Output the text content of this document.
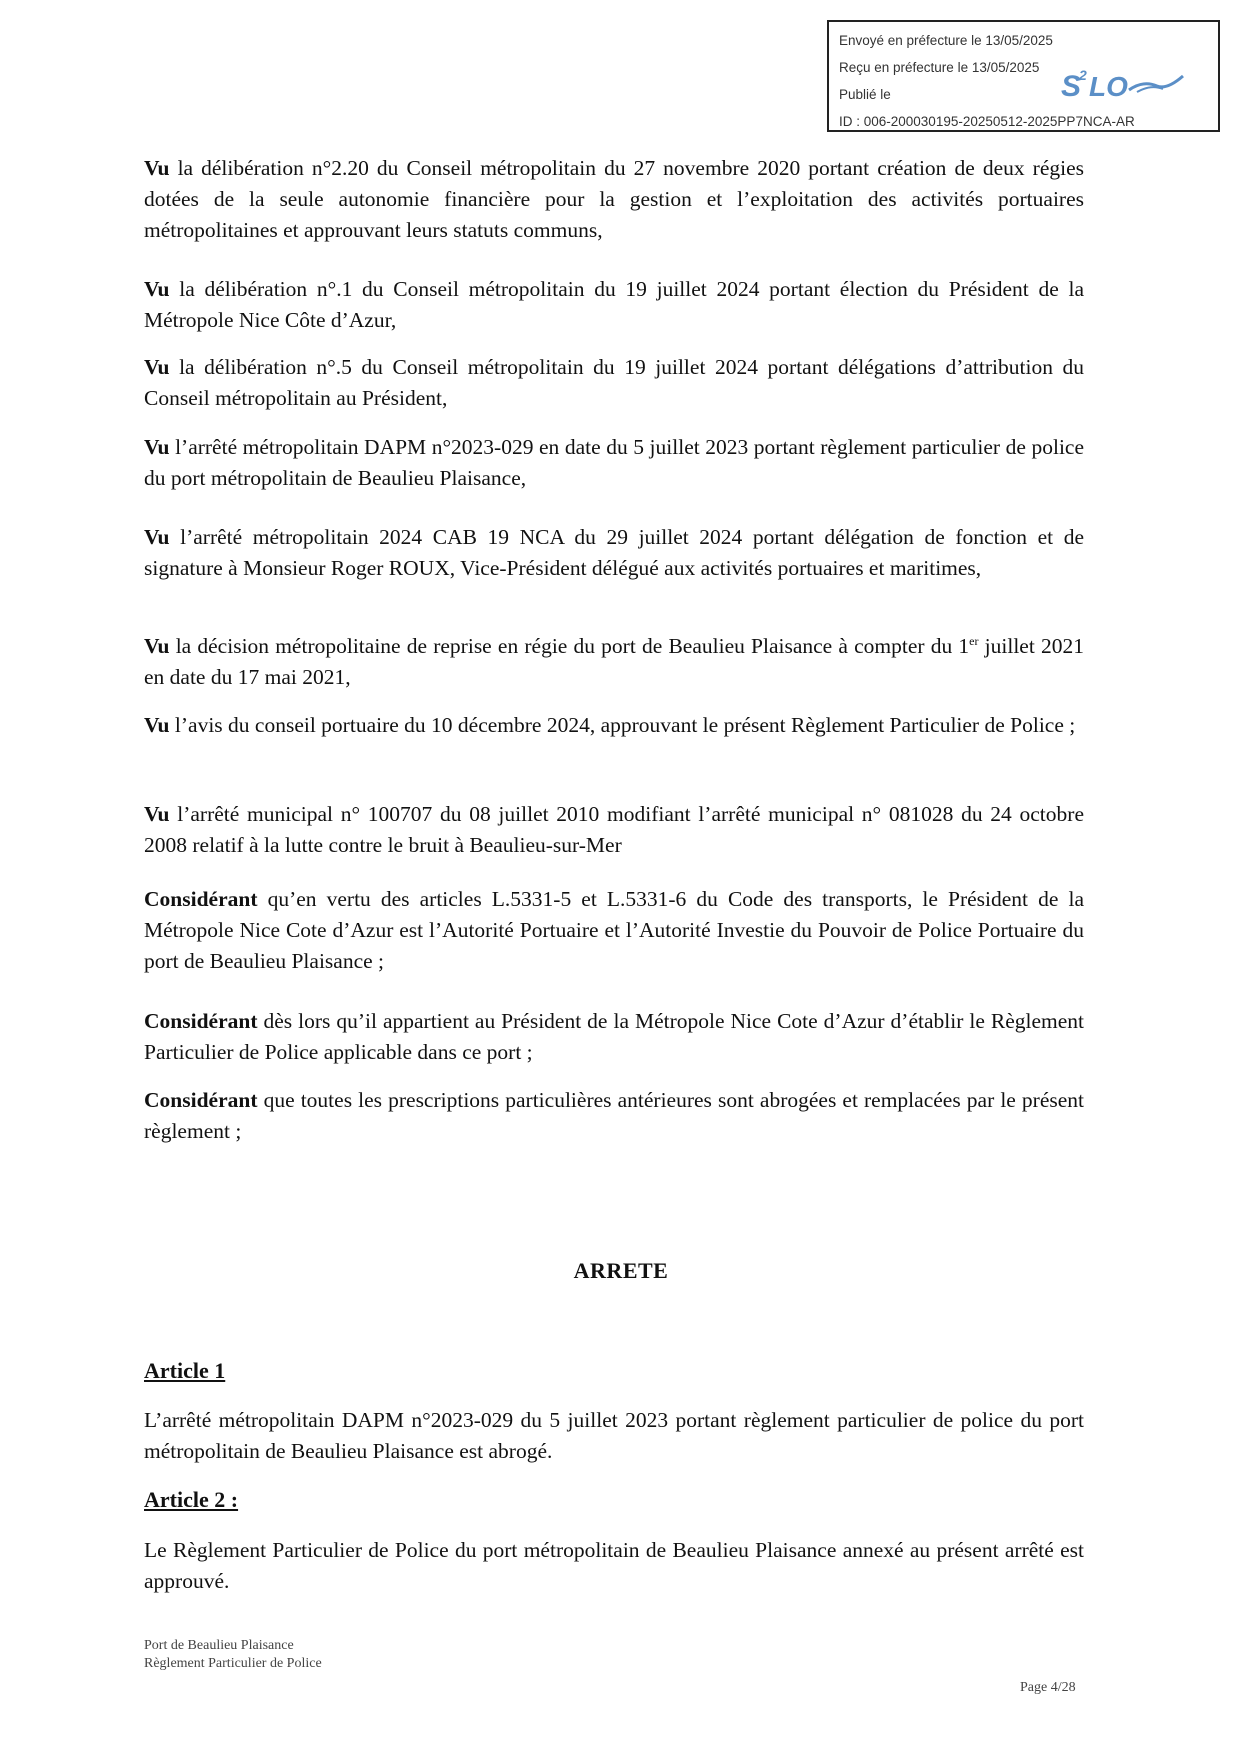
Envoyé en préfecture le 13/05/2025
Reçu en préfecture le 13/05/2025
Publié le
ID : 006-200030195-20250512-2025PP7NCA-AR
S
2 LO

Vu la délibération n°2.20 du Conseil métropolitain du 27 novembre 2020 portant création de deux régies dotées de la seule autonomie financière pour la gestion et l’exploitation des activités portuaires métropolitaines et approuvant leurs statuts communs,

Vu la délibération n°.1 du Conseil métropolitain du 19 juillet 2024 portant élection du Président de la Métropole Nice Côte d’Azur,

Vu la délibération n°.5 du Conseil métropolitain du 19 juillet 2024 portant délégations d’attribution du Conseil métropolitain au Président,

Vu l’arrêté métropolitain DAPM n°2023-029 en date du 5 juillet 2023 portant règlement particulier de police du port métropolitain de Beaulieu Plaisance,

Vu l’arrêté métropolitain 2024 CAB 19 NCA du 29 juillet 2024 portant délégation de fonction et de signature à Monsieur Roger ROUX, Vice-Président délégué aux activités portuaires et maritimes,

Vu la décision métropolitaine de reprise en régie du port de Beaulieu Plaisance à compter du 1er juillet 2021 en date du 17 mai 2021,

Vu l’avis du conseil portuaire du 10 décembre 2024, approuvant le présent Règlement Particulier de Police ;

Vu l’arrêté municipal n° 100707 du 08 juillet 2010 modifiant l’arrêté municipal n° 081028 du 24 octobre 2008 relatif à la lutte contre le bruit à Beaulieu-sur-Mer

Considérant qu’en vertu des articles L.5331-5 et L.5331-6 du Code des transports, le Président de la Métropole Nice Cote d’Azur est l’Autorité Portuaire et l’Autorité Investie du Pouvoir de Police Portuaire du port de Beaulieu Plaisance ;

Considérant dès lors qu’il appartient au Président de la Métropole Nice Cote d’Azur d’établir le Règlement Particulier de Police applicable dans ce port ;

Considérant que toutes les prescriptions particulières antérieures sont abrogées et remplacées par le présent règlement ;

ARRETE
Article 1

L’arrêté métropolitain DAPM n°2023-029 du 5 juillet 2023 portant règlement particulier de police du port métropolitain de Beaulieu Plaisance est abrogé.

Article 2 :

Le Règlement Particulier de Police du port métropolitain de Beaulieu Plaisance annexé au présent arrêté est approuvé.

Port de Beaulieu Plaisance
Règlement Particulier de Police
Page 4/28
